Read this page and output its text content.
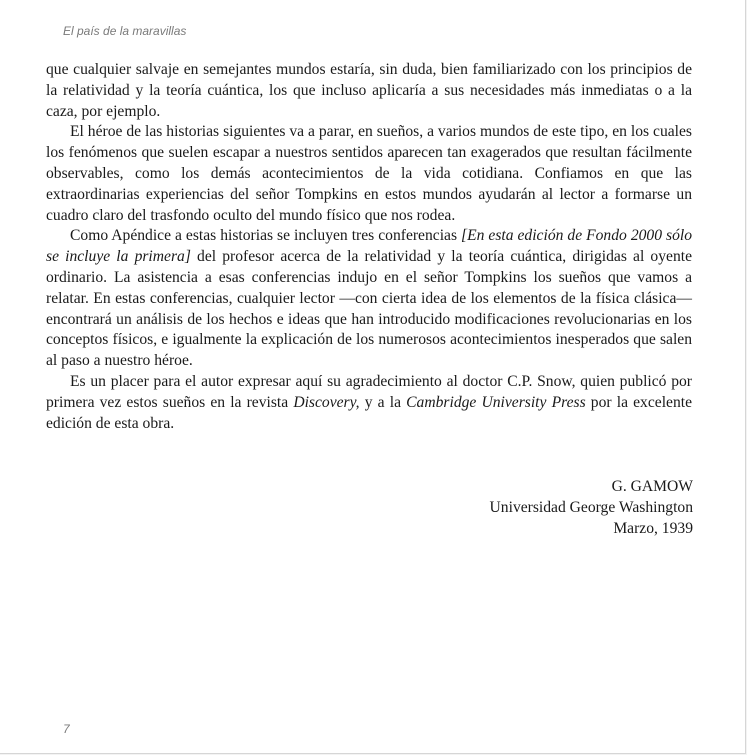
El país de la maravillas

que cualquier salvaje en semejantes mundos estaría, sin duda, bien familiarizado con los principios de la relatividad y la teoría cuántica, los que incluso aplicaría a sus necesidades más inmediatas o a la caza, por ejemplo.

El héroe de las historias siguientes va a parar, en sueños, a varios mundos de este tipo, en los cuales los fenómenos que suelen escapar a nuestros sentidos aparecen tan exagerados que resultan fácilmente observables, como los demás acontecimientos de la vida cotidiana. Confiamos en que las extraordinarias experiencias del señor Tompkins en estos mundos ayudarán al lector a formarse un cuadro claro del trasfondo oculto del mundo físico que nos rodea.

Como Apéndice a estas historias se incluyen tres conferencias [En esta edición de Fondo 2000 sólo se incluye la primera] del profesor acerca de la relatividad y la teoría cuántica, dirigidas al oyente ordinario. La asistencia a esas conferencias indujo en el señor Tompkins los sueños que vamos a relatar. En estas conferencias, cualquier lector —con cierta idea de los elementos de la física clásica— encontrará un análisis de los hechos e ideas que han introducido modificaciones revolucionarias en los conceptos físicos, e igualmente la explicación de los numerosos acontecimientos inesperados que salen al paso a nuestro héroe.

Es un placer para el autor expresar aquí su agradecimiento al doctor C.P. Snow, quien publicó por primera vez estos sueños en la revista Discovery, y a la Cambridge University Press por la excelente edición de esta obra.

G. GAMOW
Universidad George Washington
Marzo, 1939
7
